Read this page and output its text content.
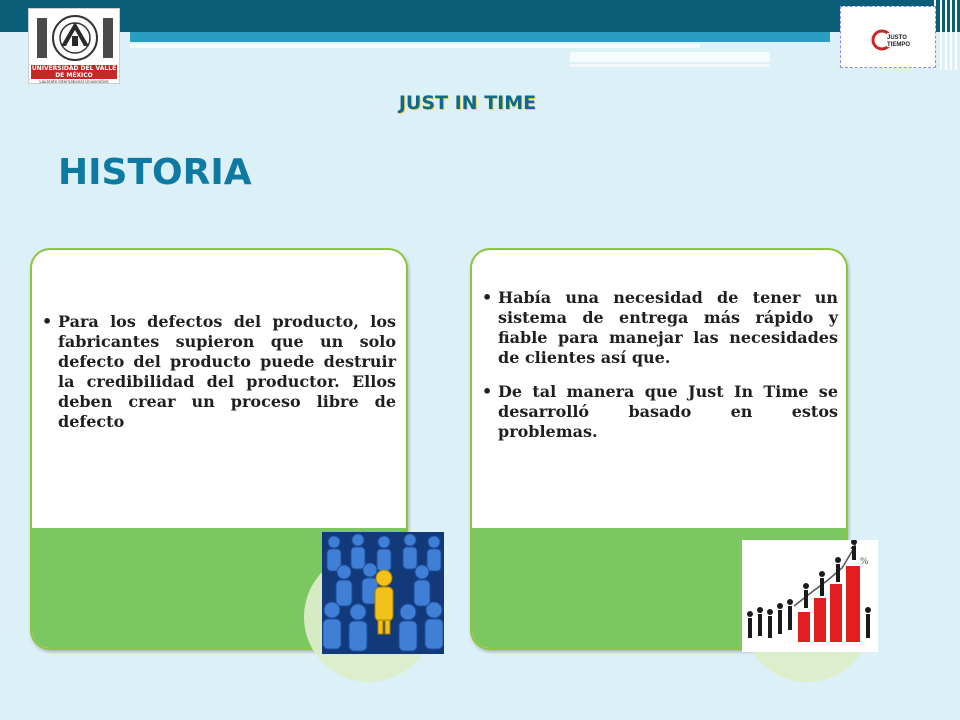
UNIVERSIDAD DEL VALLE DE MÉXICO
Laureate International Universities
JUSTO
TIEMPO
JUST IN TIME
HISTORIA
• Para los defectos del producto, los fabricantes supieron que un solo defecto del producto puede destruir la credibilidad del productor. Ellos deben crear un proceso libre de defecto
• Había una necesidad de tener un sistema de entrega más rápido y fiable para manejar las necesidades de clientes así que.
• De tal manera que Just In Time se desarrolló basado en estos problemas.
%
